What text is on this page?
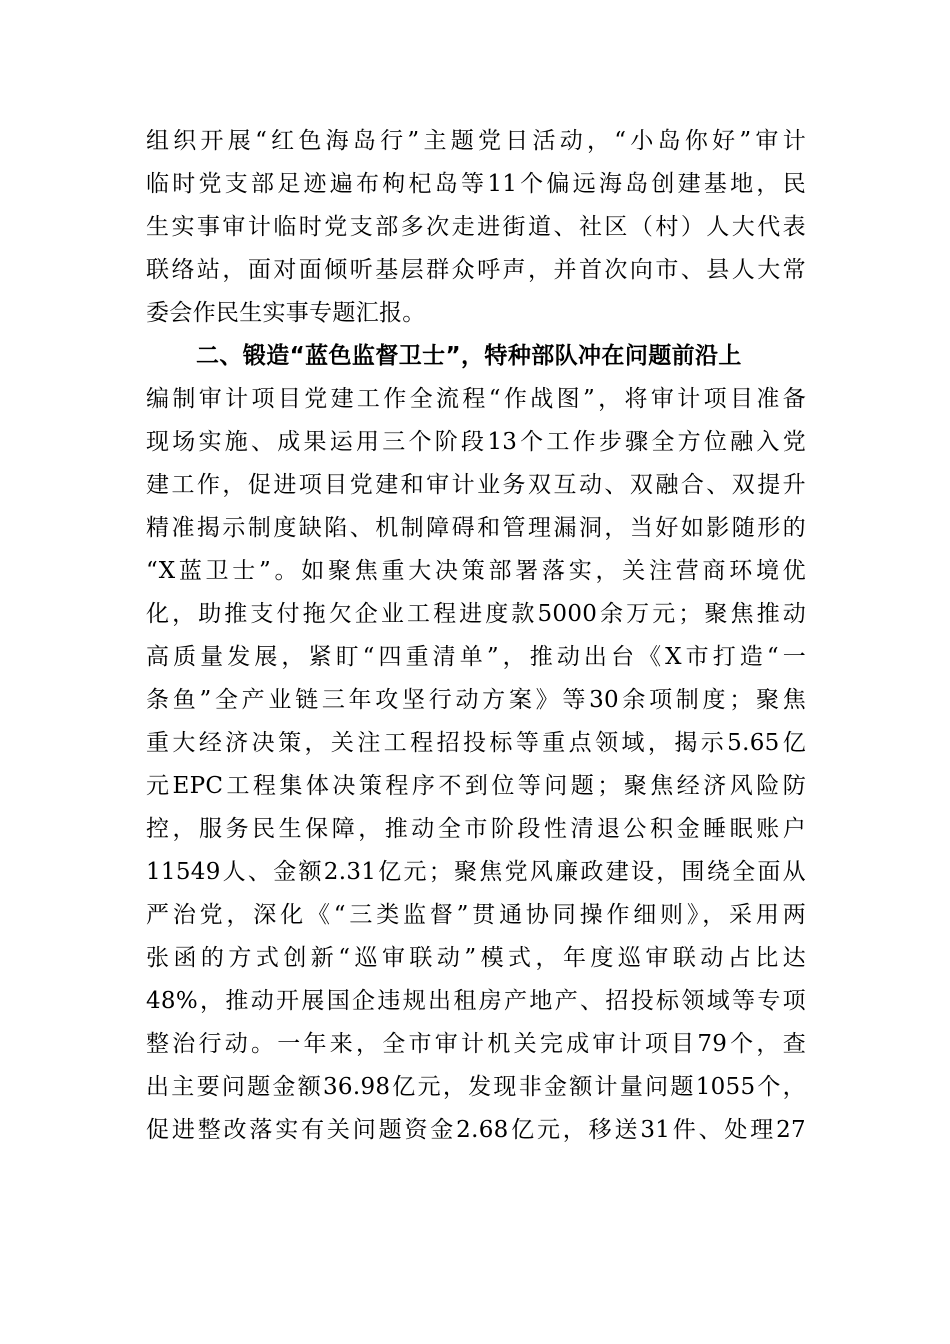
组织开展“红色海岛行”主题党日活动，“小岛你好”审计
临时党支部足迹遍布枸杞岛等11个偏远海岛创建基地，民
生实事审计临时党支部多次走进街道、社区（村）人大代表
联络站，面对面倾听基层群众呼声，并首次向市、县人大常
委会作民生实事专题汇报。
二、锻造“蓝色监督卫士”，特种部队冲在问题前沿上
编制审计项目党建工作全流程“作战图”，将审计项目准备
现场实施、成果运用三个阶段13个工作步骤全方位融入党
建工作，促进项目党建和审计业务双互动、双融合、双提升
精准揭示制度缺陷、机制障碍和管理漏洞，当好如影随形的
“X蓝卫士”。如聚焦重大决策部署落实，关注营商环境优
化，助推支付拖欠企业工程进度款5000余万元；聚焦推动
高质量发展，紧盯“四重清单”，推动出台《X市打造“一
条鱼”全产业链三年攻坚行动方案》等30余项制度；聚焦
重大经济决策，关注工程招投标等重点领域，揭示5.65亿
元EPC工程集体决策程序不到位等问题；聚焦经济风险防
控，服务民生保障，推动全市阶段性清退公积金睡眠账户
11549人、金额2.31亿元；聚焦党风廉政建设，围绕全面从
严治党，深化《“三类监督”贯通协同操作细则》，采用两
张函的方式创新“巡审联动”模式，年度巡审联动占比达
48%，推动开展国企违规出租房产地产、招投标领域等专项
整治行动。一年来，全市审计机关完成审计项目79个，查
出主要问题金额36.98亿元，发现非金额计量问题1055个，
促进整改落实有关问题资金2.68亿元，移送31件、处理27
